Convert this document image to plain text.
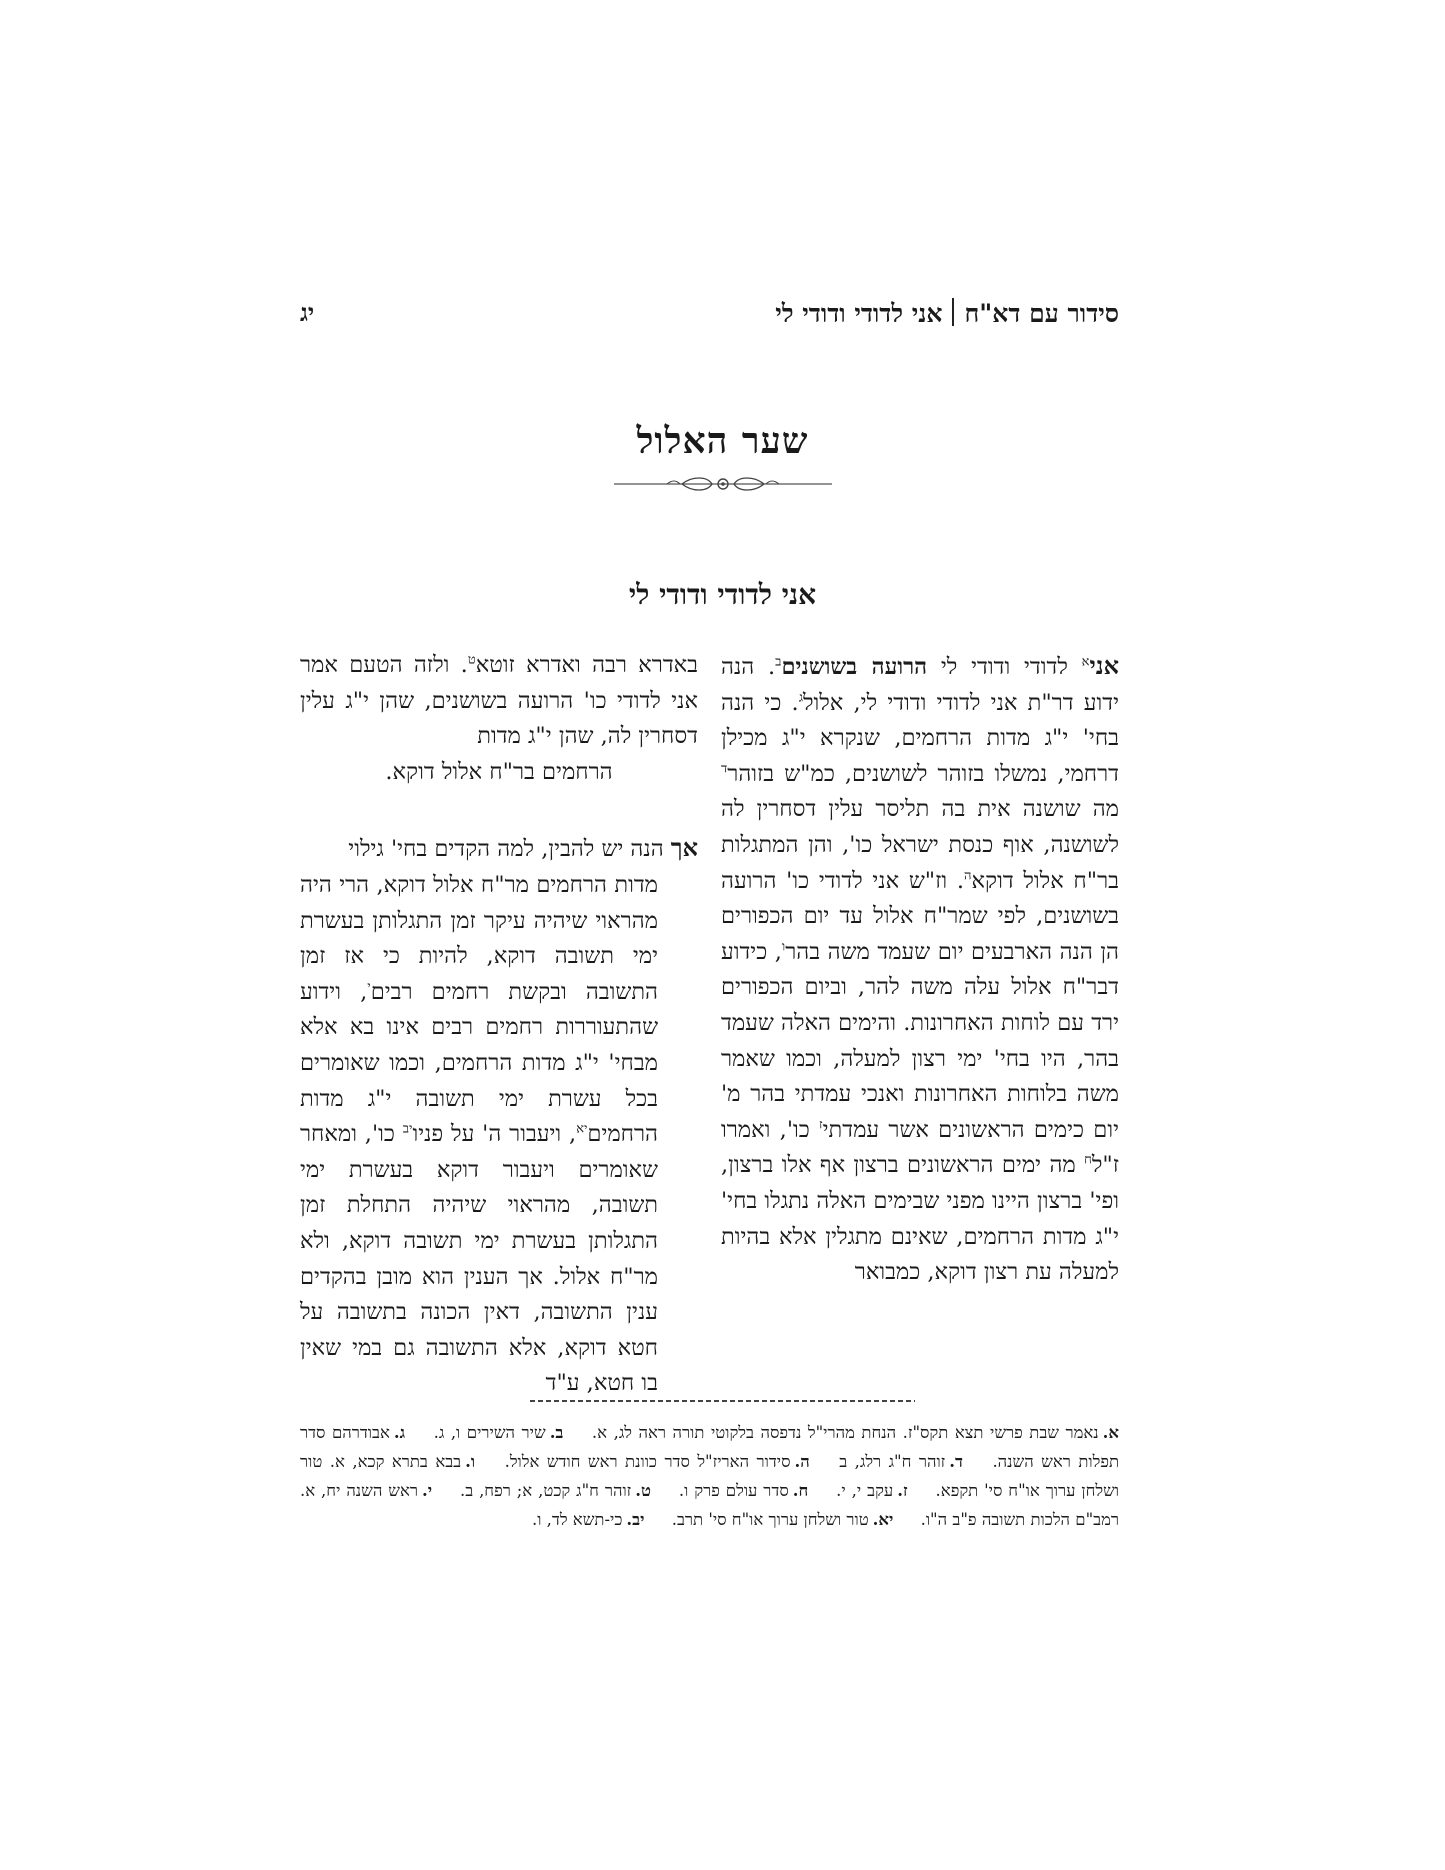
סידור עם דא"חאני לדודי ודודי לי
יג
שער האלול
אני לדודי ודודי לי

אני$^א$ לדודי ודודי לי הרועה בשושנים$^ב$. הנה ידוע דר"ת אני לדודי ודודי לי, אלול$^ג$. כי הנה בחי' י"ג מדות הרחמים, שנקרא י"ג מכילן דרחמי, נמשלו בזוהר לשושנים, כמ"ש בזוהר$^ד$ מה שושנה אית בה תליסר עלין דסחרין לה לשושנה, אוף כנסת ישראל כו', והן המתגלות בר"ח אלול דוקא$^ה$. וז"ש אני לדודי כו' הרועה בשושנים, לפי שמר"ח אלול עד יום הכפורים הן הנה הארבעים יום שעמד משה בהר$^ו$, כידוע דבר"ח אלול עלה משה להר, וביום הכפורים ירד עם לוחות האחרונות. והימים האלה שעמד בהר, היו בחי' ימי רצון למעלה, וכמו שאמר משה בלוחות האחרונות ואנכי עמדתי בהר מ' יום כימים הראשונים אשר עמדתי$^ז$ כו', ואמרו ז"ל$^ח$ מה ימים הראשונים ברצון אף אלו ברצון, ופי' ברצון היינו מפני שבימים האלה נתגלו בחי' י"ג מדות הרחמים, שאינם מתגלין אלא בהיות למעלה עת רצון דוקא, כמבואר

באדרא רבה ואדרא זוטא$^ט$. ולזה הטעם אמר אני לדודי כו' הרועה בשושנים, שהן י"ג עלין דסחרין לה, שהן י"ג מדות

הרחמים בר"ח אלול דוקא.

אך הנה יש להבין, למה הקדים בחי' גילוי

מדות הרחמים מר"ח אלול דוקא, הרי היה מהראוי שיהיה עיקר זמן התגלותן בעשרת ימי תשובה דוקא, להיות כי אז זמן התשובה ובקשת רחמים רבים$^י$, וידוע שהתעוררות רחמים רבים אינו בא אלא מבחי' י"ג מדות הרחמים, וכמו שאומרים בכל עשרת ימי תשובה י"ג מדות הרחמים$^{יא}$, ויעבור ה' על פניו$^{יב}$ כו', ומאחר שאומרים ויעבור דוקא בעשרת ימי תשובה, מהראוי שיהיה התחלת זמן התגלותן בעשרת ימי תשובה דוקא, ולא מר"ח אלול. אך הענין הוא מובן בהקדים ענין התשובה, דאין הכונה בתשובה על חטא דוקא, אלא התשובה גם במי שאין בו חטא, ע"ד

א.נאמר שבת פרשי תצא תקס"ז. הנחת מהרי"ל נדפסה בלקוטי תורה ראה לג, א. ב.שיר השירים ו, ג. ג.אבודרהם סדר תפלות ראש השנה. ד.זוהר ח"ג רלג, ב ה.סידור האריז"ל סדר כוונת ראש חודש אלול. ו.בבא בתרא קכא, א. טור ושלחן ערוך או"ח סי' תקפא. ז.עקב י, י. ח.סדר עולם פרק ו. ט.זוהר ח"ג קכט, א; רפח, ב. י.ראש השנה יח, א. רמב"ם הלכות תשובה פ"ב ה"ו. יא.טור ושלחן ערוך או"ח סי' תרב. יב.כי-תשא לד, ו.
